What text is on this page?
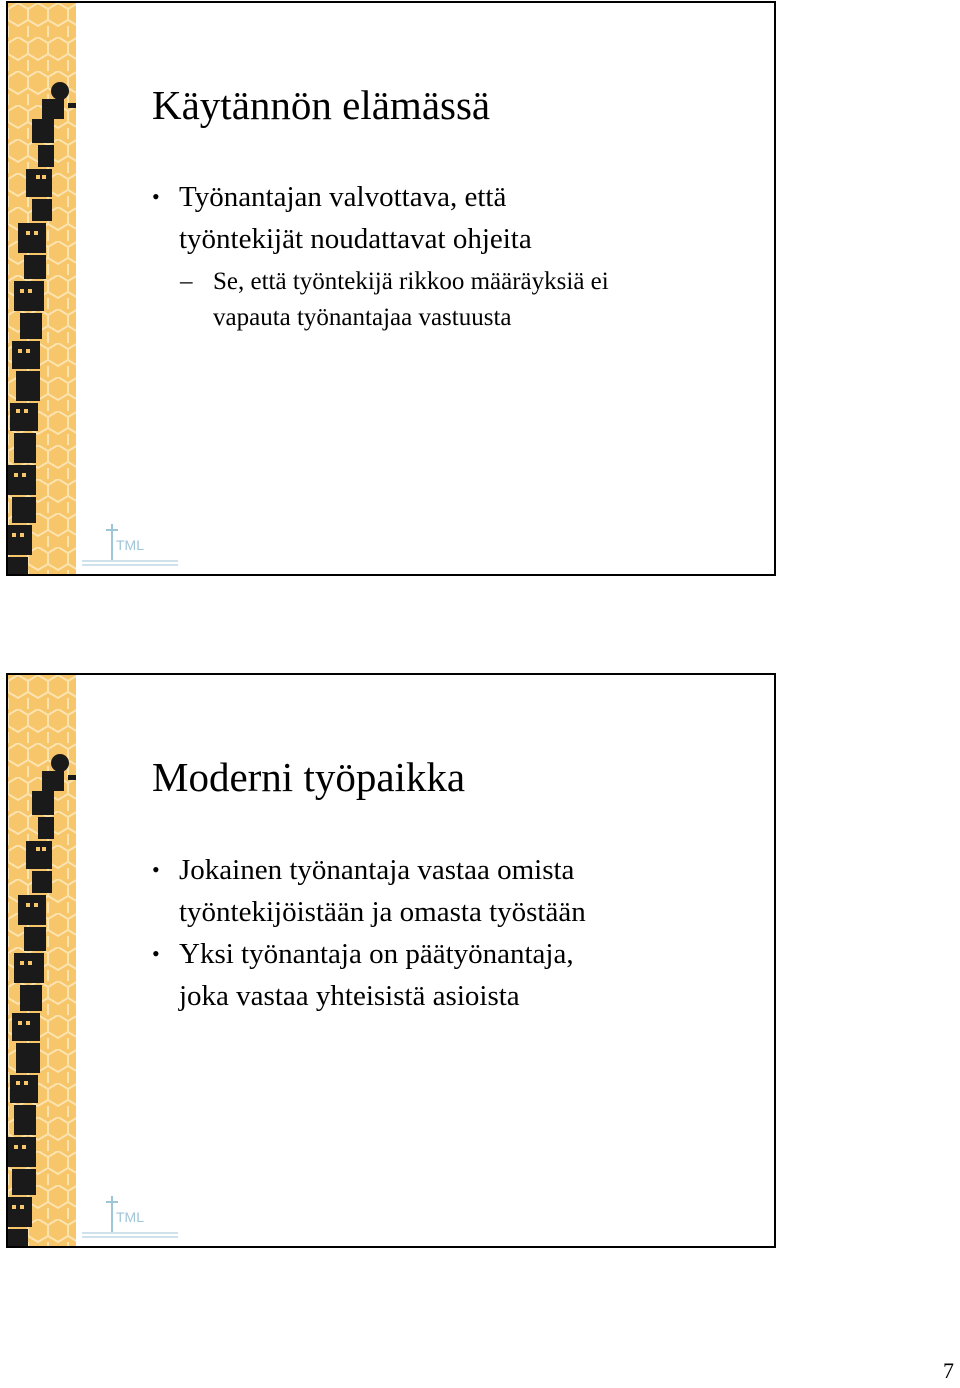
TML
Käytännön elämässä
• Työnantajan valvottava, että
työntekijät noudattavat ohjeita
– Se, että työntekijä rikkoo määräyksiä ei
vapauta työnantajaa vastuusta
TML
Moderni työpaikka
• Jokainen työnantaja vastaa omista
työntekijöistään ja omasta työstään
• Yksi työnantaja on päätyönantaja,
joka vastaa yhteisistä asioista
7
